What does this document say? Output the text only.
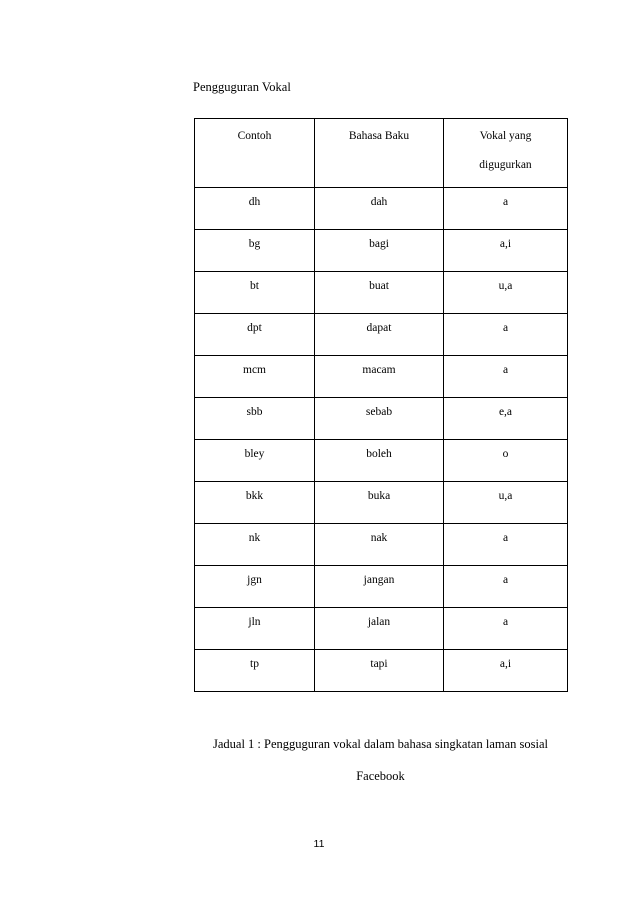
Pengguguran Vokal

Contoh	Bahasa Baku	Vokal yang
digugurkan
dh	dah	a
bg	bagi	a,i
bt	buat	u,a
dpt	dapat	a
mcm	macam	a
sbb	sebab	e,a
bley	boleh	o
bkk	buka	u,a
nk	nak	a
jgn	jangan	a
jln	jalan	a
tp	tapi	a,i

Jadual 1 : Pengguguran vokal dalam bahasa singkatan laman sosial
Facebook

11
